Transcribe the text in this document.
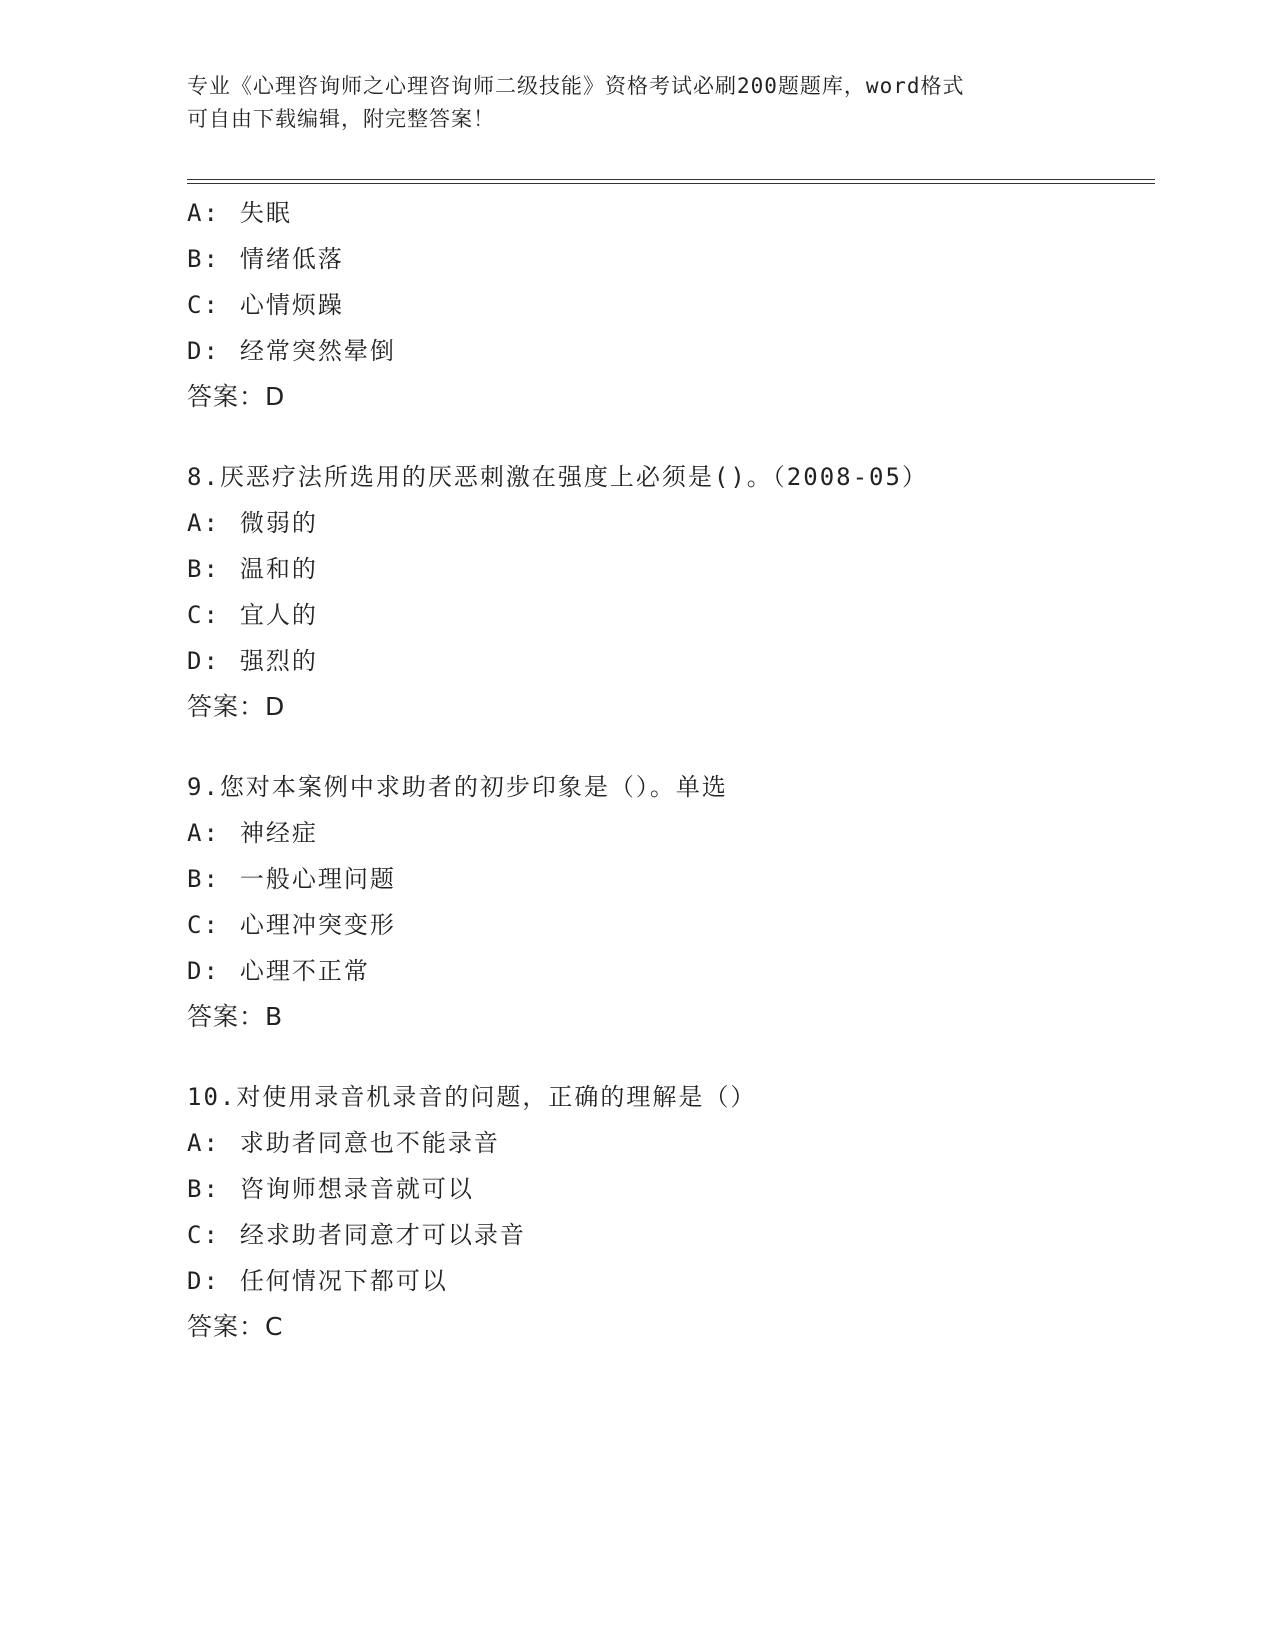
专业《心理咨询师之心理咨询师二级技能》资格考试必刷200题题库，word格式
可自由下载编辑，附完整答案！
A: 失眠
B: 情绪低落
C: 心情烦躁
D: 经常突然晕倒
答案：D
8.厌恶疗法所选用的厌恶刺激在强度上必须是()。（2008-05）
A: 微弱的
B: 温和的
C: 宜人的
D: 强烈的
答案：D
9.您对本案例中求助者的初步印象是（）。单选
A: 神经症
B: 一般心理问题
C: 心理冲突变形
D: 心理不正常
答案：B
10.对使用录音机录音的问题，正确的理解是（）
A: 求助者同意也不能录音
B: 咨询师想录音就可以
C: 经求助者同意才可以录音
D: 任何情况下都可以
答案：C
